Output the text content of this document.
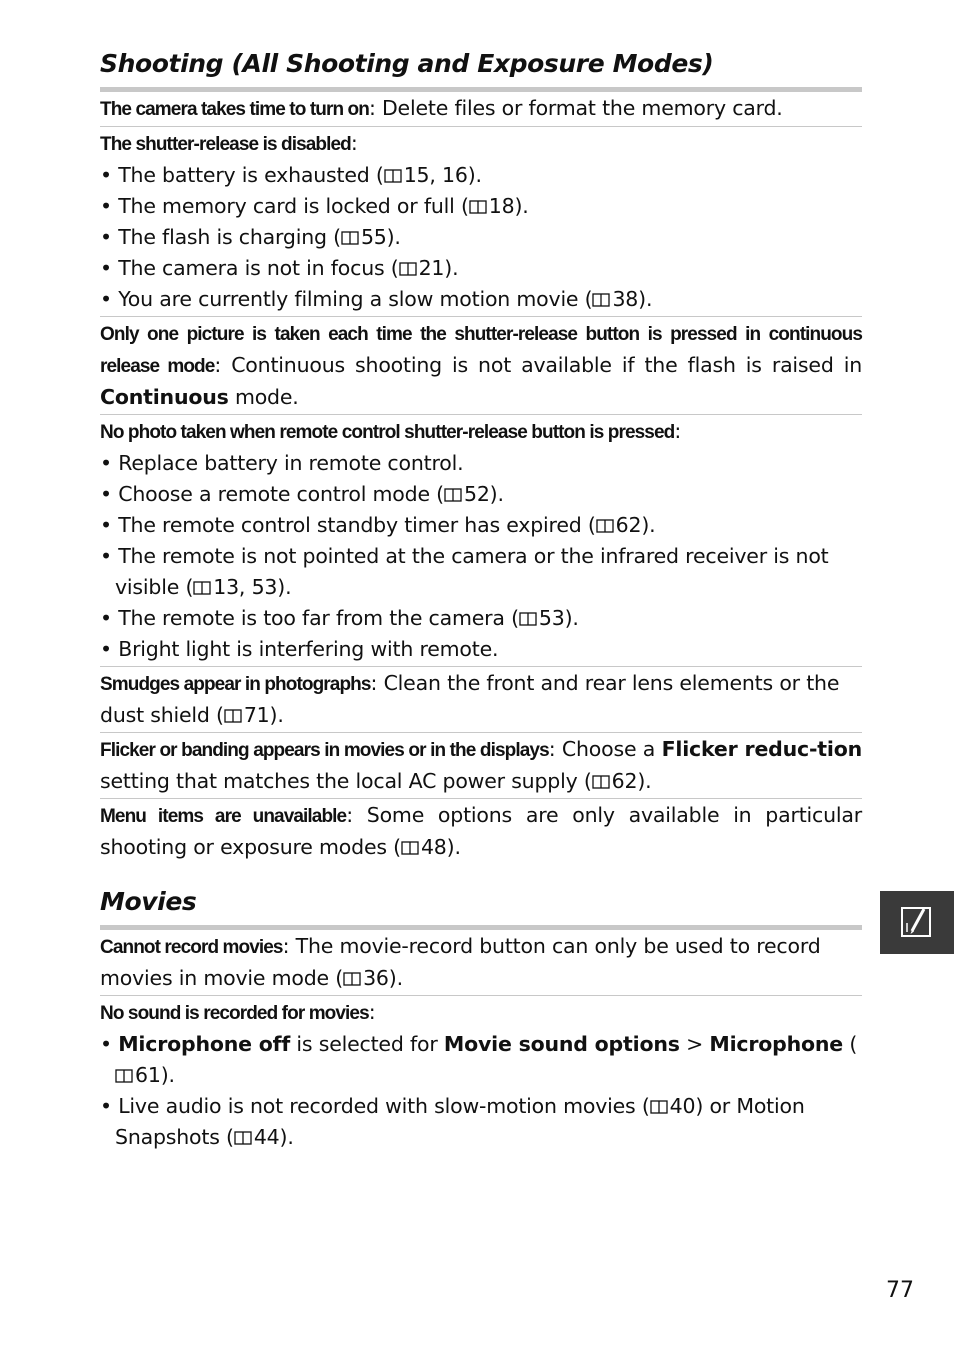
Shooting (All Shooting and Exposure Modes)

The camera takes time to turn on: Delete files or format the memory card.

The shutter-release is disabled:

• The battery is exhausted ( 15, 16).
• The memory card is locked or full ( 18).
• The flash is charging ( 55).
• The camera is not in focus ( 21).
• You are currently filming a slow motion movie ( 38).

Only one picture is taken each time the shutter-release button is pressed in continuous release mode: Continuous shooting is not available if the flash is raised in Continuous mode.

No photo taken when remote control shutter-release button is pressed:

• Replace battery in remote control.
• Choose a remote control mode ( 52).
• The remote control standby timer has expired ( 62).
• The remote is not pointed at the camera or the infrared receiver is not visible ( 13, 53).
• The remote is too far from the camera ( 53).
• Bright light is interfering with remote.

Smudges appear in photographs: Clean the front and rear lens elements or the dust shield ( 71).

Flicker or banding appears in movies or in the displays: Choose a Flicker reduc-tion setting that matches the local AC power supply ( 62).

Menu items are unavailable: Some options are only available in particular shooting or exposure modes ( 48).

Movies

Cannot record movies: The movie-record button can only be used to record movies in movie mode ( 36).

No sound is recorded for movies:

• Microphone off is selected for Movie sound options > Microphone (61).
• Live audio is not recorded with slow-motion movies ( 40) or Motion Snapshots ( 44).
77
